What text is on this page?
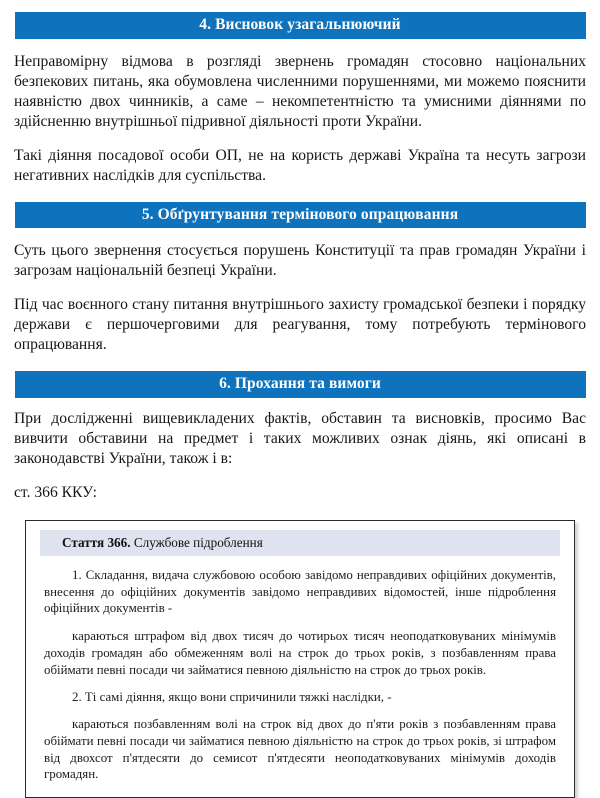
4. Висновок узагальнюючий

Неправомірну відмова в розгляді звернень громадян стосовно національних безпекових питань, яка обумовлена численними порушеннями, ми можемо пояснити наявністю двох чинників, а саме – некомпетентністю та умисними діяннями по здійсненню внутрішньої підривної діяльності проти України.

Такі діяння посадової особи ОП, не на користь державі Україна та несуть загрози негативних наслідків для суспільства.

5. Обґрунтування термінового опрацювання

Суть цього звернення стосується порушень Конституції та прав громадян України і загрозам національній безпеці України.

Під час воєнного стану питання внутрішнього захисту громадської безпеки і порядку держави є першочерговими для реагування, тому потребують термінового опрацювання.

6. Прохання та вимоги

При дослідженні вищевикладених фактів, обставин та висновків, просимо Вас вивчити обставини на предмет і таких можливих ознак діянь, які описані в законодавстві України, також і в:

ст. 366 ККУ:

Стаття 366. Службове підроблення

1. Складання, видача службовою особою завідомо неправдивих офіційних документів, внесення до офіційних документів завідомо неправдивих відомостей, інше підроблення офіційних документів -

караються штрафом від двох тисяч до чотирьох тисяч неоподатковуваних мінімумів доходів громадян або обмеженням волі на строк до трьох років, з позбавленням права обіймати певні посади чи займатися певною діяльністю на строк до трьох років.

2. Ті самі діяння, якщо вони спричинили тяжкі наслідки, -

караються позбавленням волі на строк від двох до п'яти років з позбавленням права обіймати певні посади чи займатися певною діяльністю на строк до трьох років, зі штрафом від двохсот п'ятдесяти до семисот п'ятдесяти неоподатковуваних мінімумів доходів громадян.
